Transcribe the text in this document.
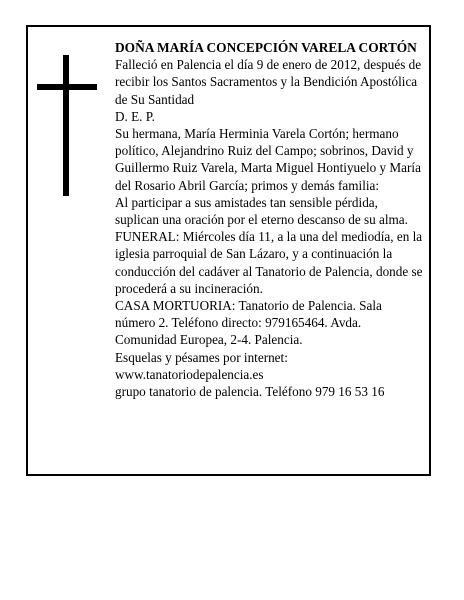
DOÑA MARÍA CONCEPCIÓN VARELA CORTÓN

Falleció en Palencia el día 9 de enero de 2012, después de recibir los Santos Sacramentos y la Bendición Apostólica de Su Santidad

D. E. P.

Su hermana, María Herminia Varela Cortón; hermano político, Alejandrino Ruiz del Campo; sobrinos, David y Guillermo Ruiz Varela, Marta Miguel Hontiyuelo y María del Rosario Abril García; primos y demás familia:

Al participar a sus amistades tan sensible pérdida, suplican una oración por el eterno descanso de su alma.

FUNERAL: Miércoles día 11, a la una del mediodía, en la iglesia parroquial de San Lázaro, y a continuación la conducción del cadáver al Tanatorio de Palencia, donde se procederá a su incineración.

CASA MORTUORIA: Tanatorio de Palencia. Sala número 2. Teléfono directo: 979165464. Avda. Comunidad Europea, 2-4. Palencia.

Esquelas y pésames por internet:

www.tanatoriodepalencia.es

grupo tanatorio de palencia. Teléfono 979 16 53 16
